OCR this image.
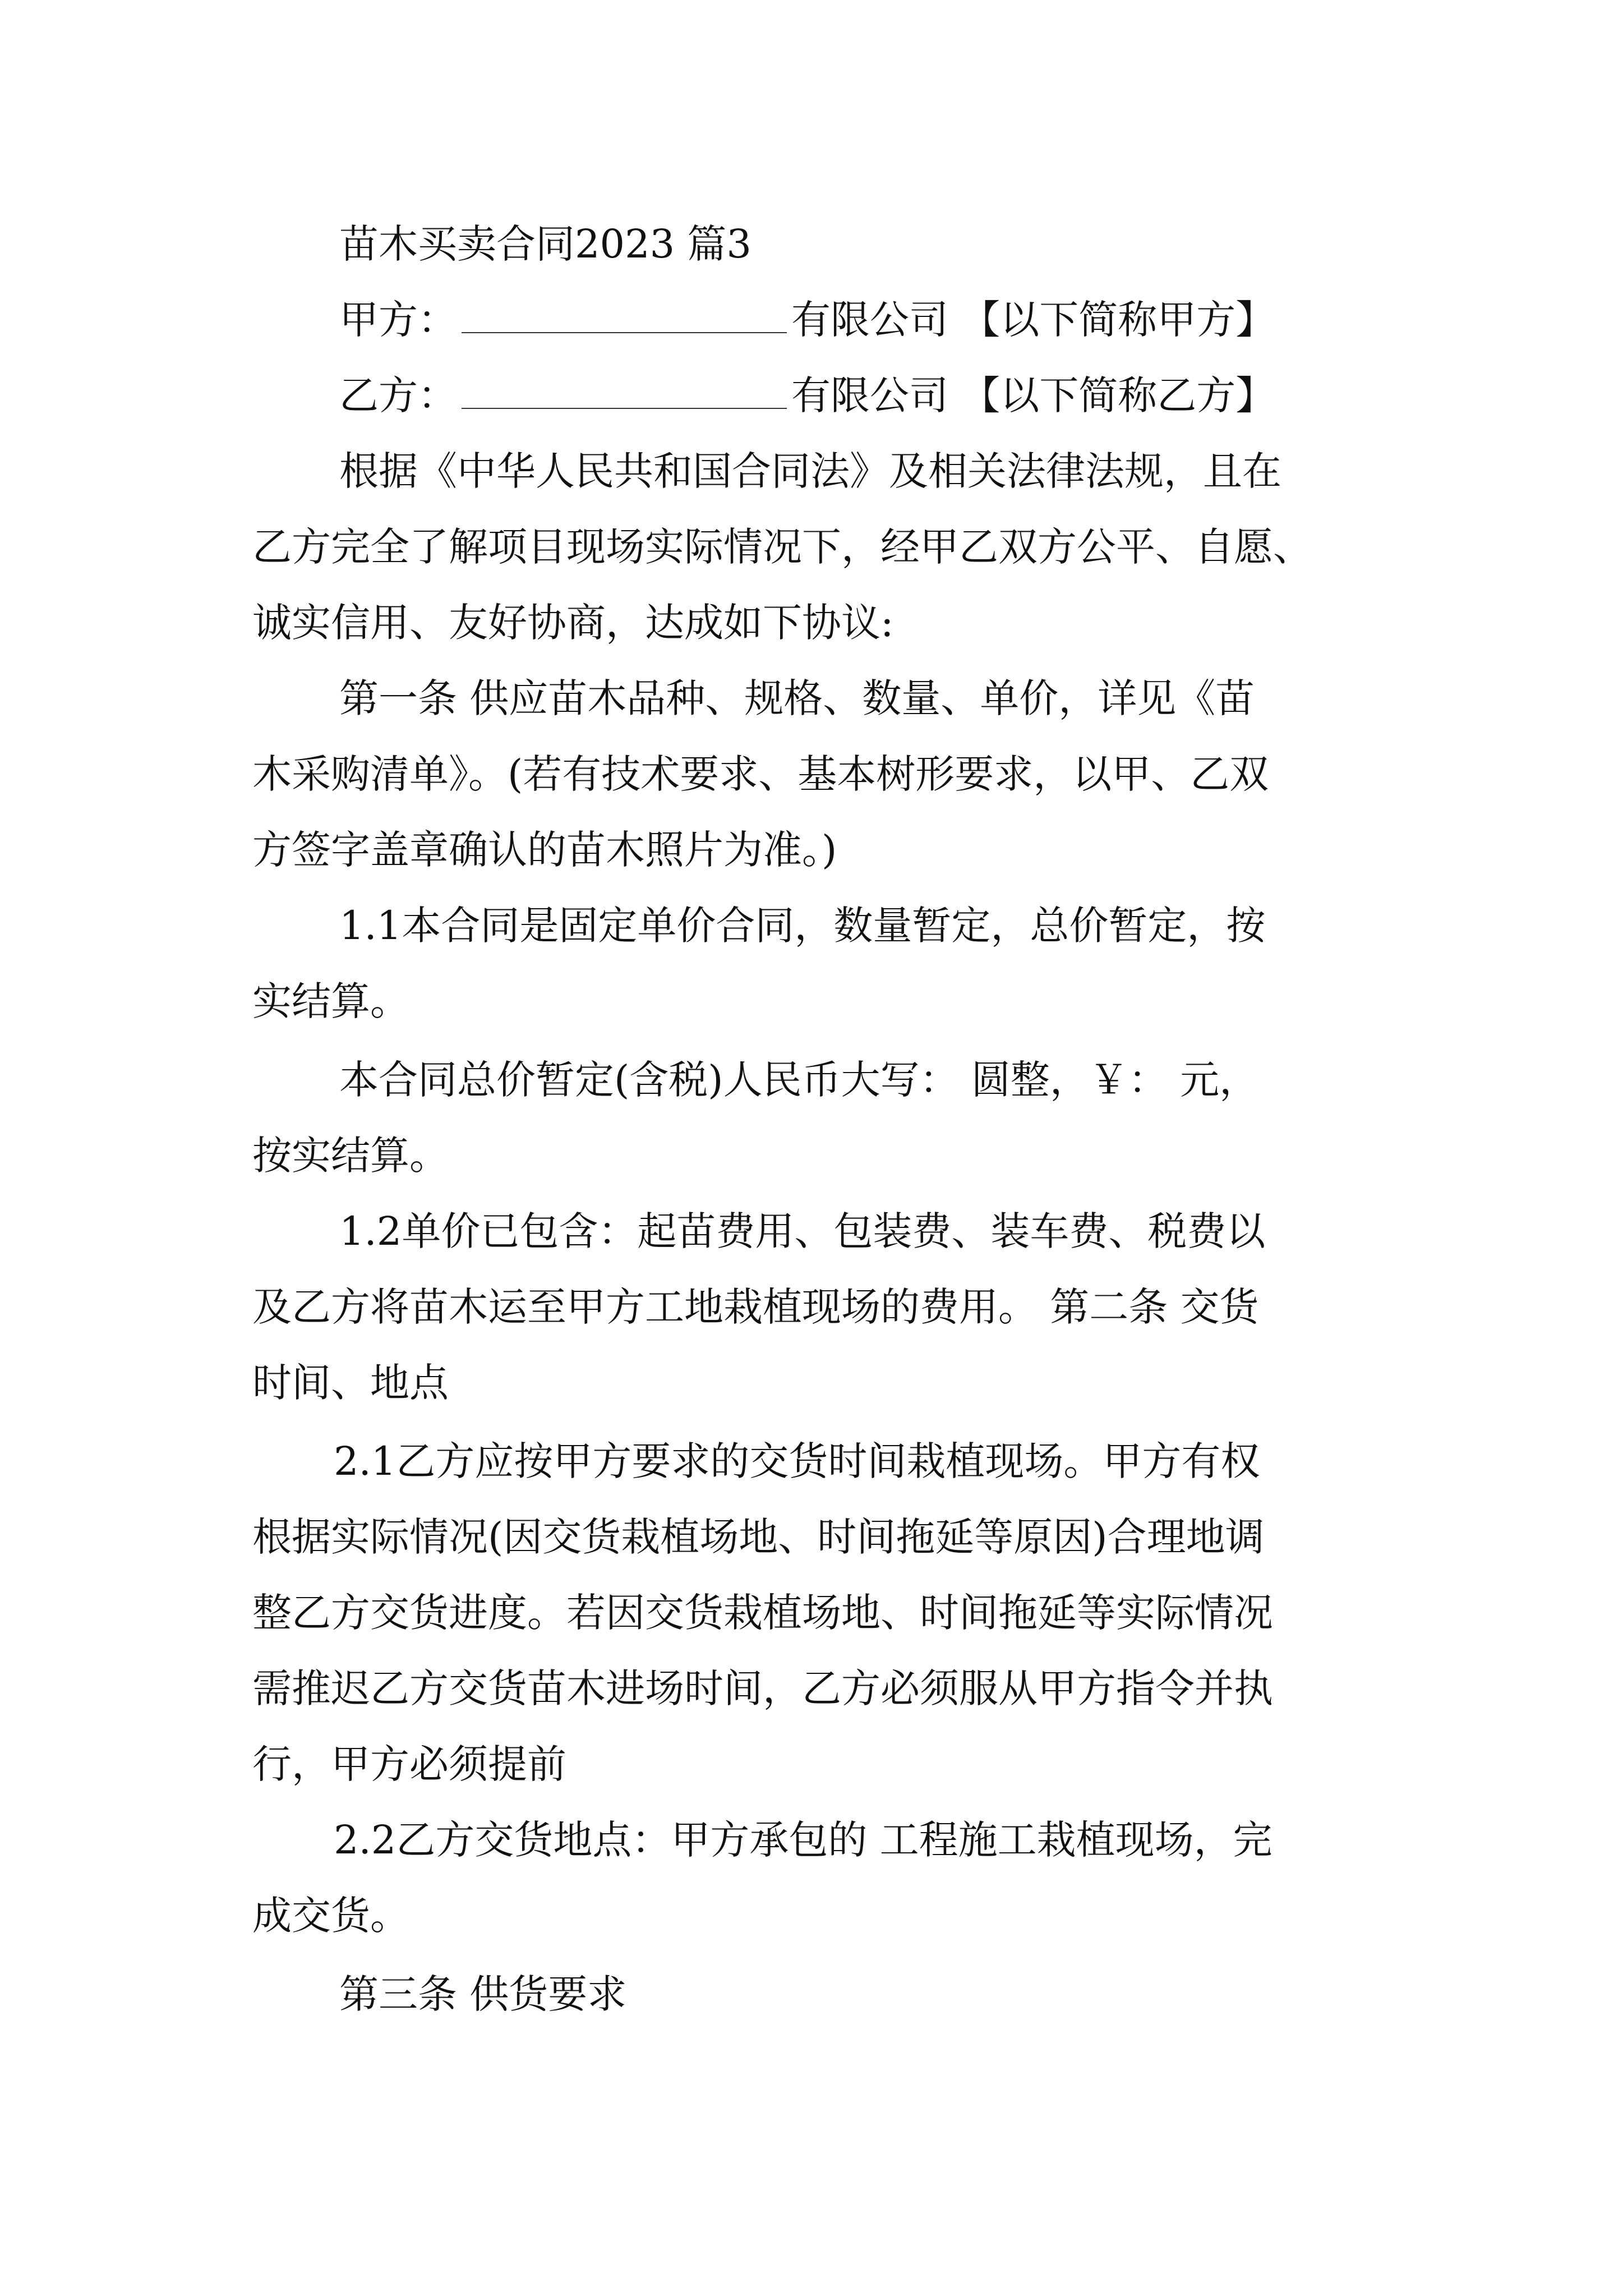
苗木买卖合同2023 篇3
甲方：	有限公司 【以下简称甲方】
乙方：	有限公司 【以下简称乙方】
根据《中华人民共和国合同法》及相关法律法规，且在
乙方完全了解项目现场实际情况下，经甲乙双方公平、自愿、
诚实信用、友好协商，达成如下协议:
第一条 供应苗木品种、规格、数量、单价，详见《苗
木采购清单》。(若有技术要求、基本树形要求，以甲、乙双
方签字盖章确认的苗木照片为准。)
1.1本合同是固定单价合同，数量暂定，总价暂定，按
实结算。
本合同总价暂定(含税)人民币大写： 圆整，￥： 元，
按实结算。
1.2单价已包含：起苗费用、包装费、装车费、税费以
及乙方将苗木运至甲方工地栽植现场的费用。 第二条 交货
时间、地点
2.1乙方应按甲方要求的交货时间栽植现场。甲方有权
根据实际情况(因交货栽植场地、时间拖延等原因)合理地调
整乙方交货进度。若因交货栽植场地、时间拖延等实际情况
需推迟乙方交货苗木进场时间，乙方必须服从甲方指令并执
行，甲方必须提前
2.2乙方交货地点：甲方承包的 工程施工栽植现场，完
成交货。
第三条 供货要求
